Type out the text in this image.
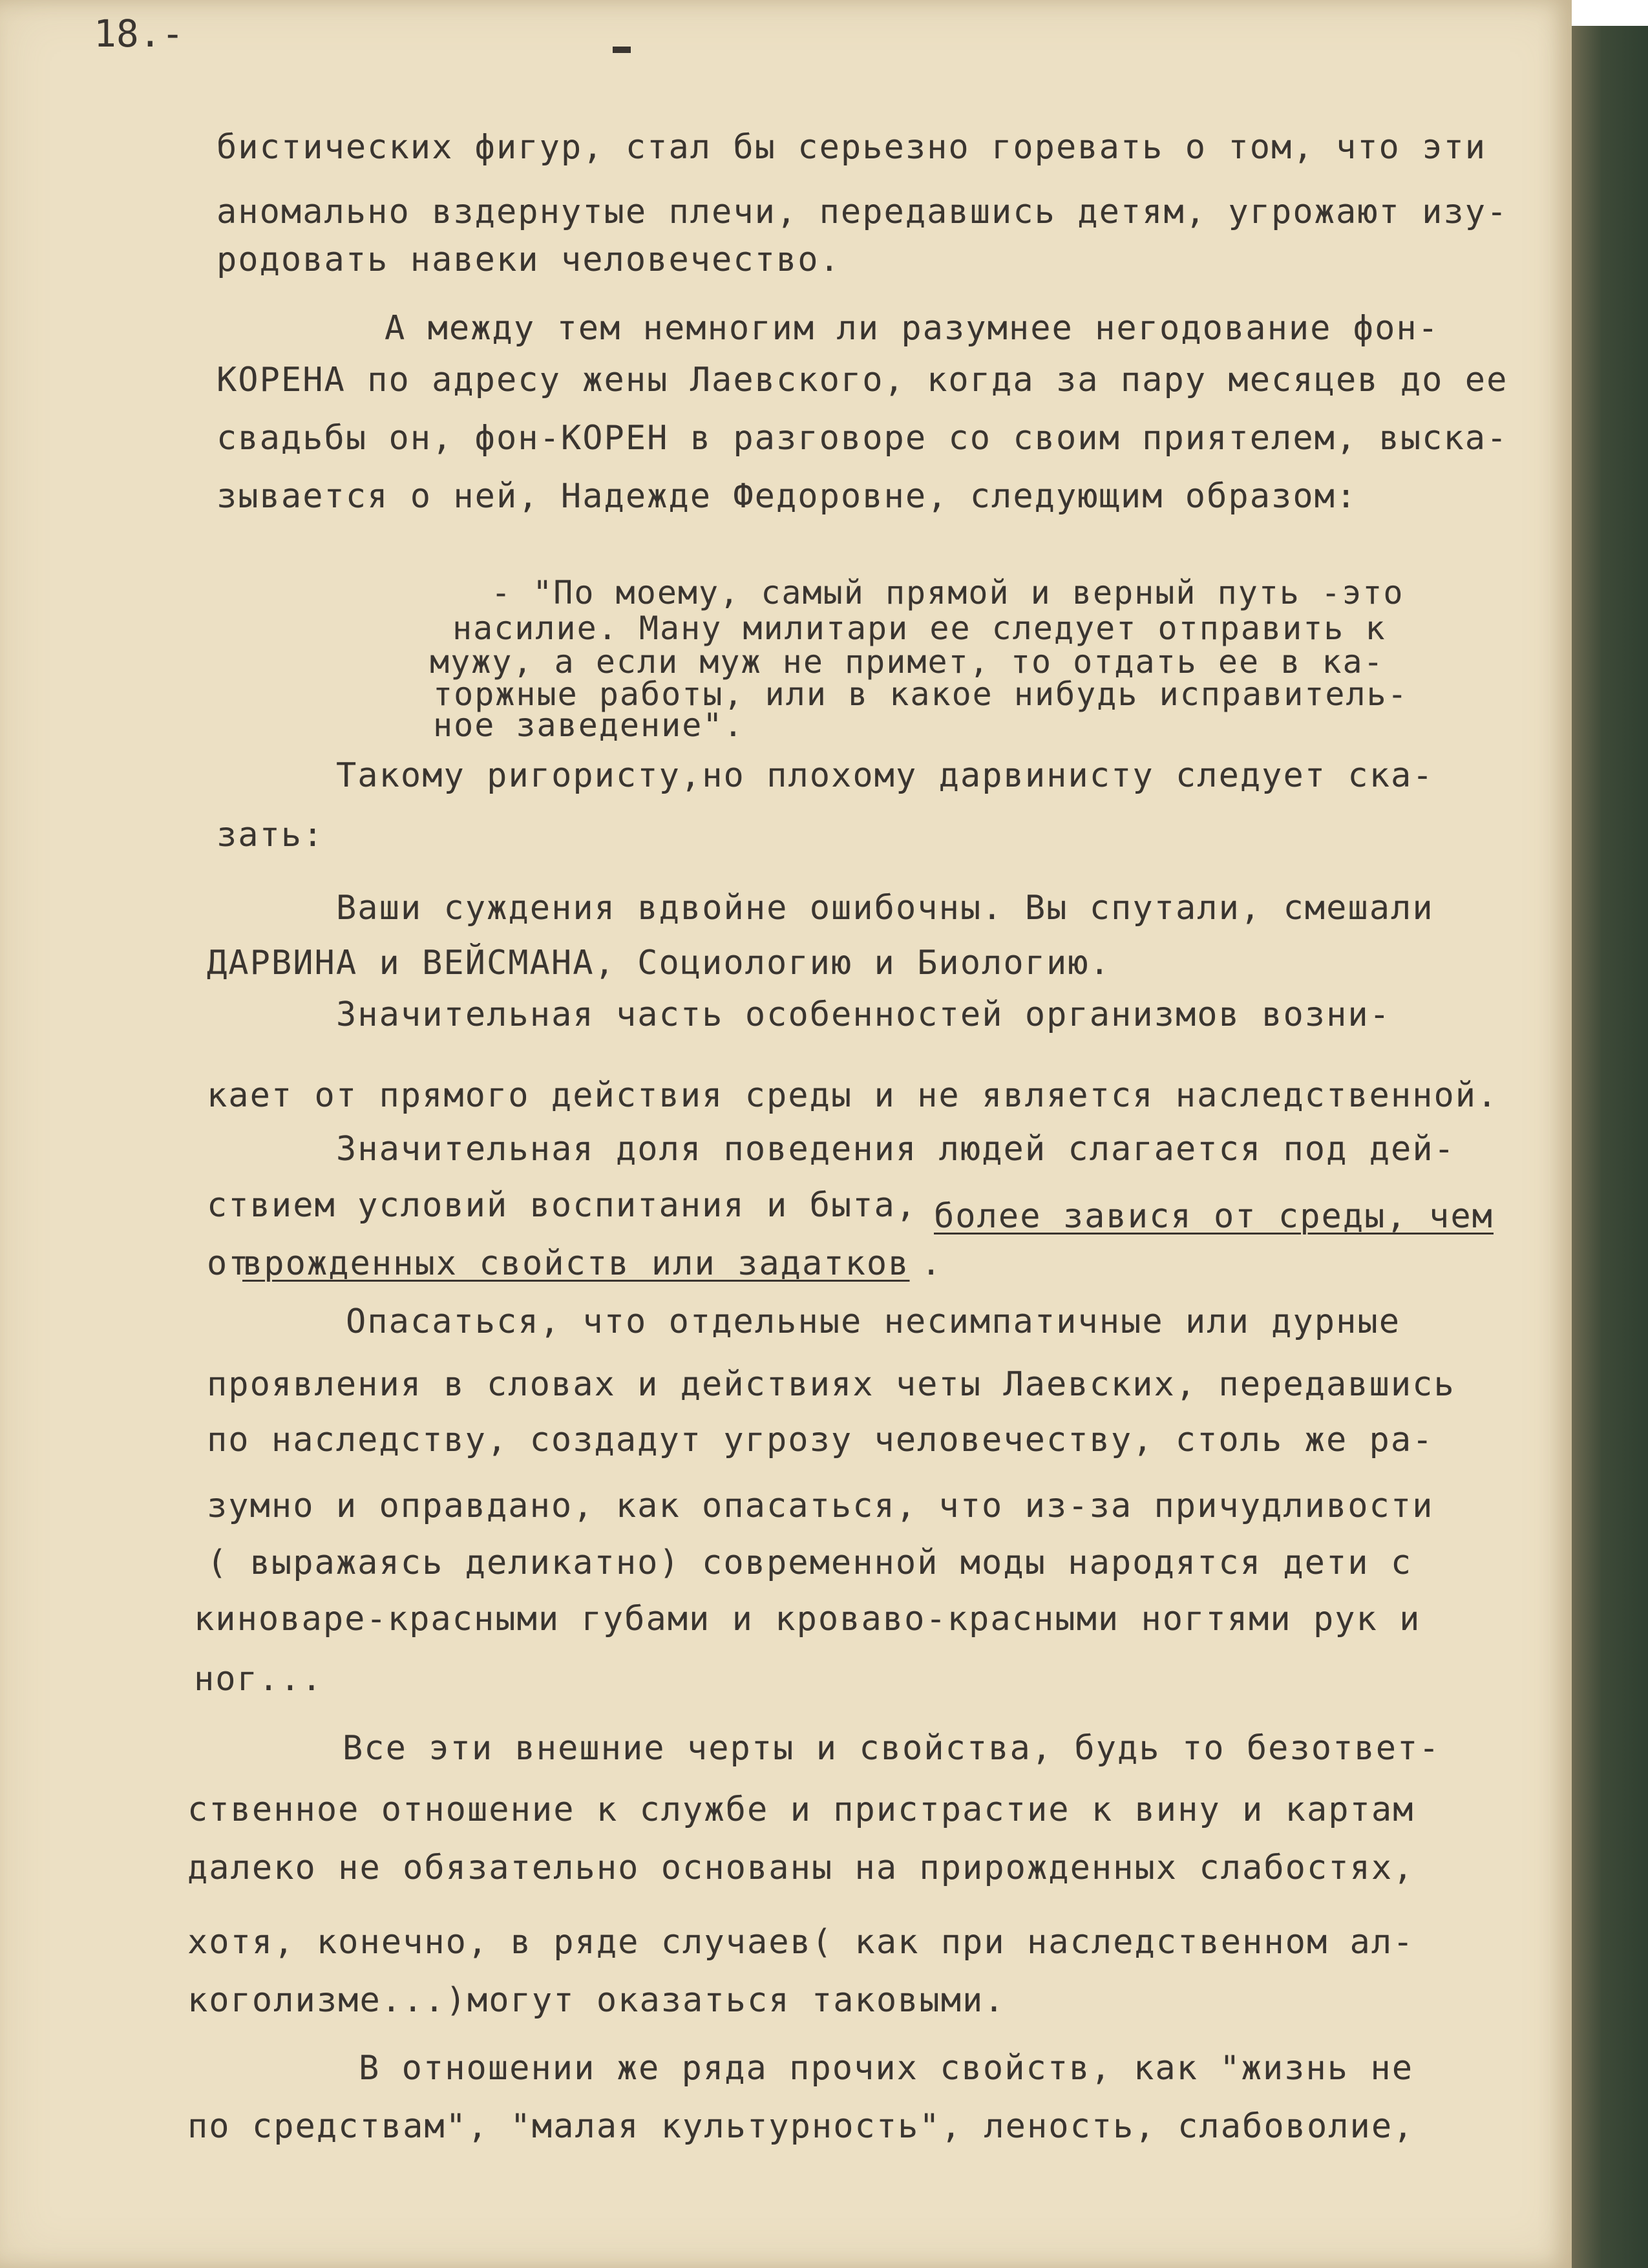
18.-

бистических фигур, стал бы серьезно горевать о том, что эти

аномально вздернутые плечи, передавшись детям, угрожают изу-

родовать навеки человечество.

А между тем немногим ли разумнее негодование фон-

КОРЕНА по адресу жены Лаевского, когда за пару месяцев до ее

свадьбы он, фон-КОРЕН в разговоре со своим приятелем, выска-

зывается о ней, Надежде Федоровне, следующим образом:

- "По моему, самый прямой и верный путь -это

насилие. Ману милитари ее следует отправить к

мужу, а если муж не примет, то отдать ее в ка-

торжные работы, или в какое нибудь исправитель-

ное заведение".

Такому ригористу,но плохому дарвинисту следует ска-

зать:

Ваши суждения вдвойне ошибочны. Вы спутали, смешали

ДАРВИНА и ВЕЙСМАНА, Социологию и Биологию.

Значительная часть особенностей организмов возни-

кает от прямого действия среды и не является наследственной.

Значительная доля поведения людей слагается под дей-

ствием условий воспитания и быта,

более завися от среды, чем

от

врожденных свойств или задатков

.

Опасаться, что отдельные несимпатичные или дурные

проявления в словах и действиях четы Лаевских, передавшись

по наследству, создадут угрозу человечеству, столь же ра-

зумно и оправдано, как опасаться, что из-за причудливости

( выражаясь деликатно) современной моды народятся дети с

киноваре-красными губами и кроваво-красными ногтями рук и

ног...

Все эти внешние черты и свойства, будь то безответ-

ственное отношение к службе и пристрастие к вину и картам

далеко не обязательно основаны на прирожденных слабостях,

хотя, конечно, в ряде случаев( как при наследственном ал-

коголизме...)могут оказаться таковыми.

В отношении же ряда прочих свойств, как "жизнь не

по средствам", "малая культурность", леность, слабоволие,
